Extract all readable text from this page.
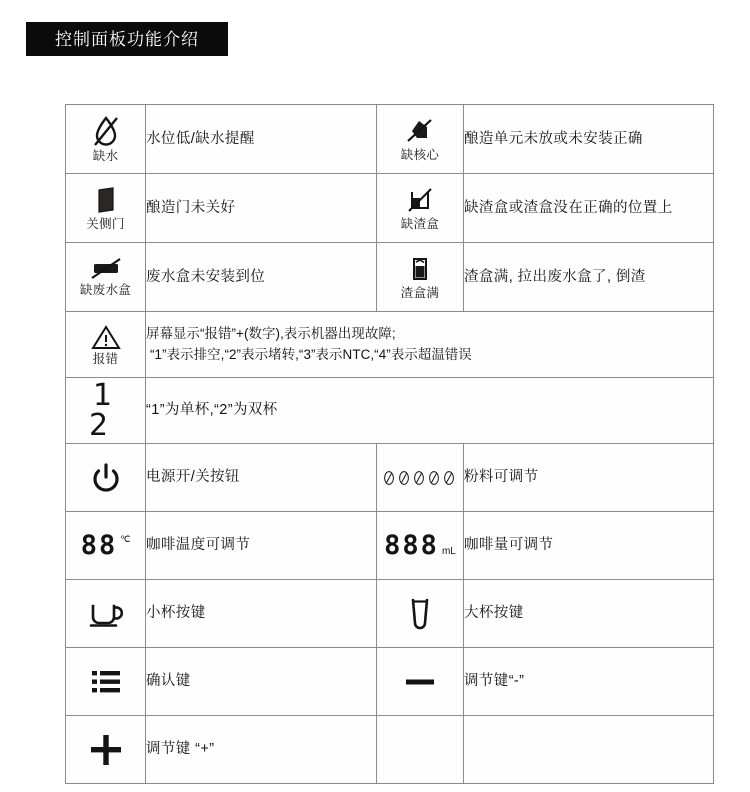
控制面板功能介绍
缺水	水位低/缺水提醒	缺核心	酿造单元未放或未安装正确

关侧门	酿造门未关好	缺渣盒	缺渣盒或渣盒没在正确的位置上

缺废水盒	废水盒未安装到位	渣盒满	渣盒满, 拉出废水盒了, 倒渣

报错	屏幕显示“报错”+(数字),表示机器出现故障;
“1”表示排空,“2”表示堵转,“3”表示NTC,“4”表示超温错误		

1 2	“1”为单杯,“2”为双杯		

	电源开/关按钮		粉料可调节

88 ℃	咖啡温度可调节	888 mL	咖啡量可调节

	小杯按键		大杯按键

	确认键		调节键“-”

	调节键 “+”		
